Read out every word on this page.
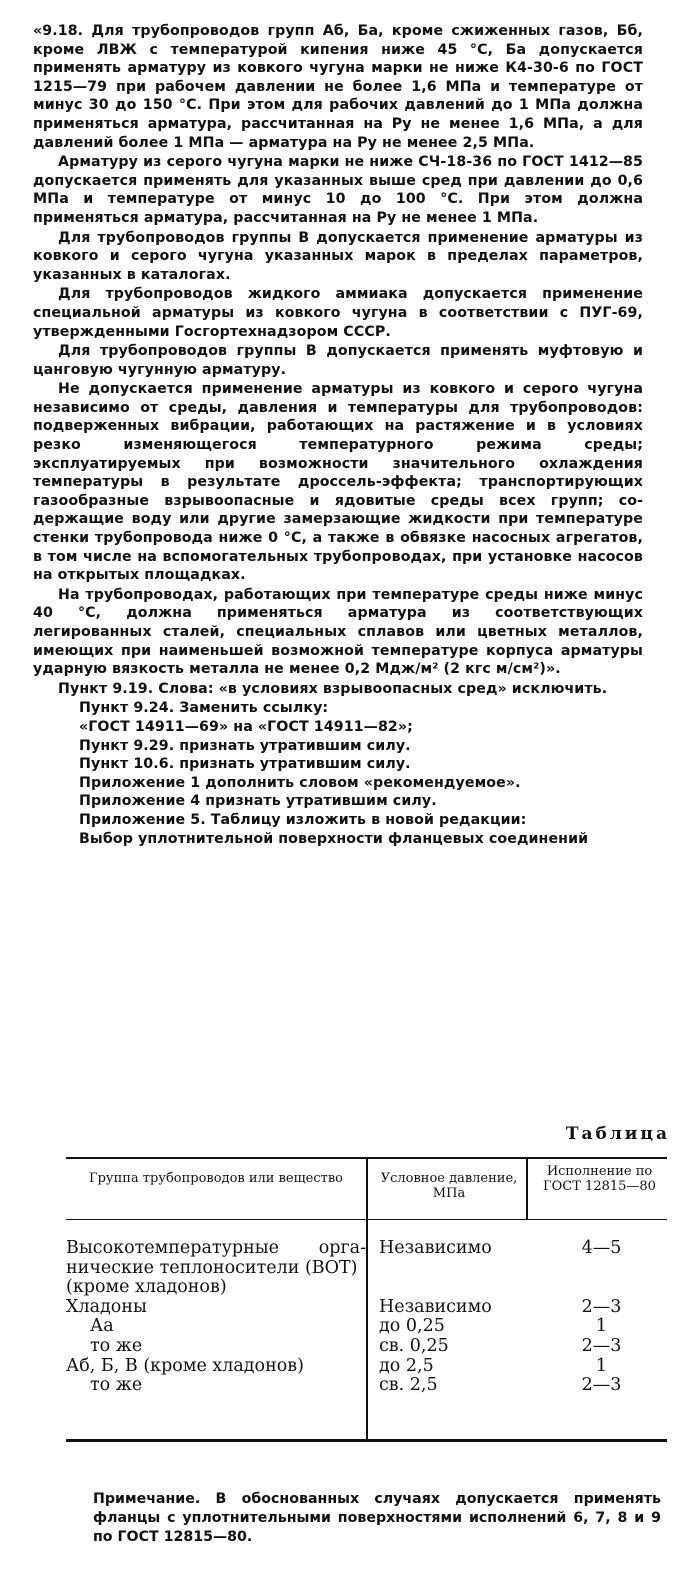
«9.18. Для трубопроводов групп Аб, Ба, кроме сжиженных газов, Бб, кроме ЛВЖ с температурой кипения ниже 45 °С, Ба допускается применять арматуру из ковкого чугуна марки не ниже К4-30-6 по ГОСТ 1215—79 при рабочем давлении не более 1,6 МПа и температуре от минус 30 до 150 °С. При этом для рабочих давлений до 1 МПа должна применяться арматура, рассчитанная на Ру не менее 1,6 МПа, а для давлений более 1 МПа — арматура на Ру не менее 2,5 МПа.

Арматуру из серого чугуна марки не ниже СЧ-18-36 по ГОСТ 1412—85 допускается применять для указанных выше сред при давлении до 0,6 МПа и температуре от минус 10 до 100 °С. При этом должна применяться арматура, рассчитанная на Ру не менее 1 МПа.

Для трубопроводов группы В допускается применение арматуры из ковкого и серого чугуна указанных марок в пределах параметров, указанных в каталогах.

Для трубопроводов жидкого аммиака допускается применение специальной арматуры из ковкого чугуна в соответствии с ПУГ-69, утвержденными Госгортехнадзором СССР.

Для трубопроводов группы В допускается применять муфтовую и цанговую чугунную арматуру.

Не допускается применение арматуры из ковкого и серого чугуна независимо от среды, давления и температуры для трубопроводов: подверженных вибрации, работающих на растяжение и в условиях резко изменяющегося температурного режима среды; эксплуатируемых при возможности значительного охлаждения температуры в результате дроссель-эффекта; транспортирующих газообразные взрывоопасные и ядовитые среды всех групп; содержащие воду или другие замерзающие жидкости при температуре стенки трубопровода ниже 0 °С, а также в обвязке насосных агрегатов, в том числе на вспомогательных трубопроводах, при установке насосов на открытых площадках.

На трубопроводах, работающих при температуре среды ниже минус 40 °С, должна применяться арматура из соответствующих легированных сталей, специальных сплавов или цветных металлов, имеющих при наименьшей возможной температуре корпуса арматуры ударную вязкость металла не менее 0,2 Мдж/м² (2 кгс м/см²)».

Пункт 9.19. Слова: «в условиях взрывоопасных сред» исключить.

Пункт 9.24. Заменить ссылку:

«ГОСТ 14911—69» на «ГОСТ 14911—82»;

Пункт 9.29. признать утратившим силу.

Пункт 10.6. признать утратившим силу.

Приложение 1 дополнить словом «рекомендуемое».

Приложение 4 признать утратившим силу.

Приложение 5. Таблицу изложить в новой редакции:

Выбор уплотнительной поверхности фланцевых соединений

Таблица
Группа трубопроводов или вещество	Условное давление, МПа
Исполнение по ГОСТ 12815—80
Высокотемпературные орга-
нические теплоносители (ВОТ)
(кроме хладонов)
Хладоны
Аа
то же
Аб, Б, В (кроме хладонов)
то же
Независимо

Независимо
до 0,25
св. 0,25
до 2,5
св. 2,5
4—5

2—3
1
2—3
1
2—3
Примечание. В обоснованных случаях допускается применять фланцы с уплотнительными поверхностями исполнений 6, 7, 8 и 9 по ГОСТ 12815—80.
